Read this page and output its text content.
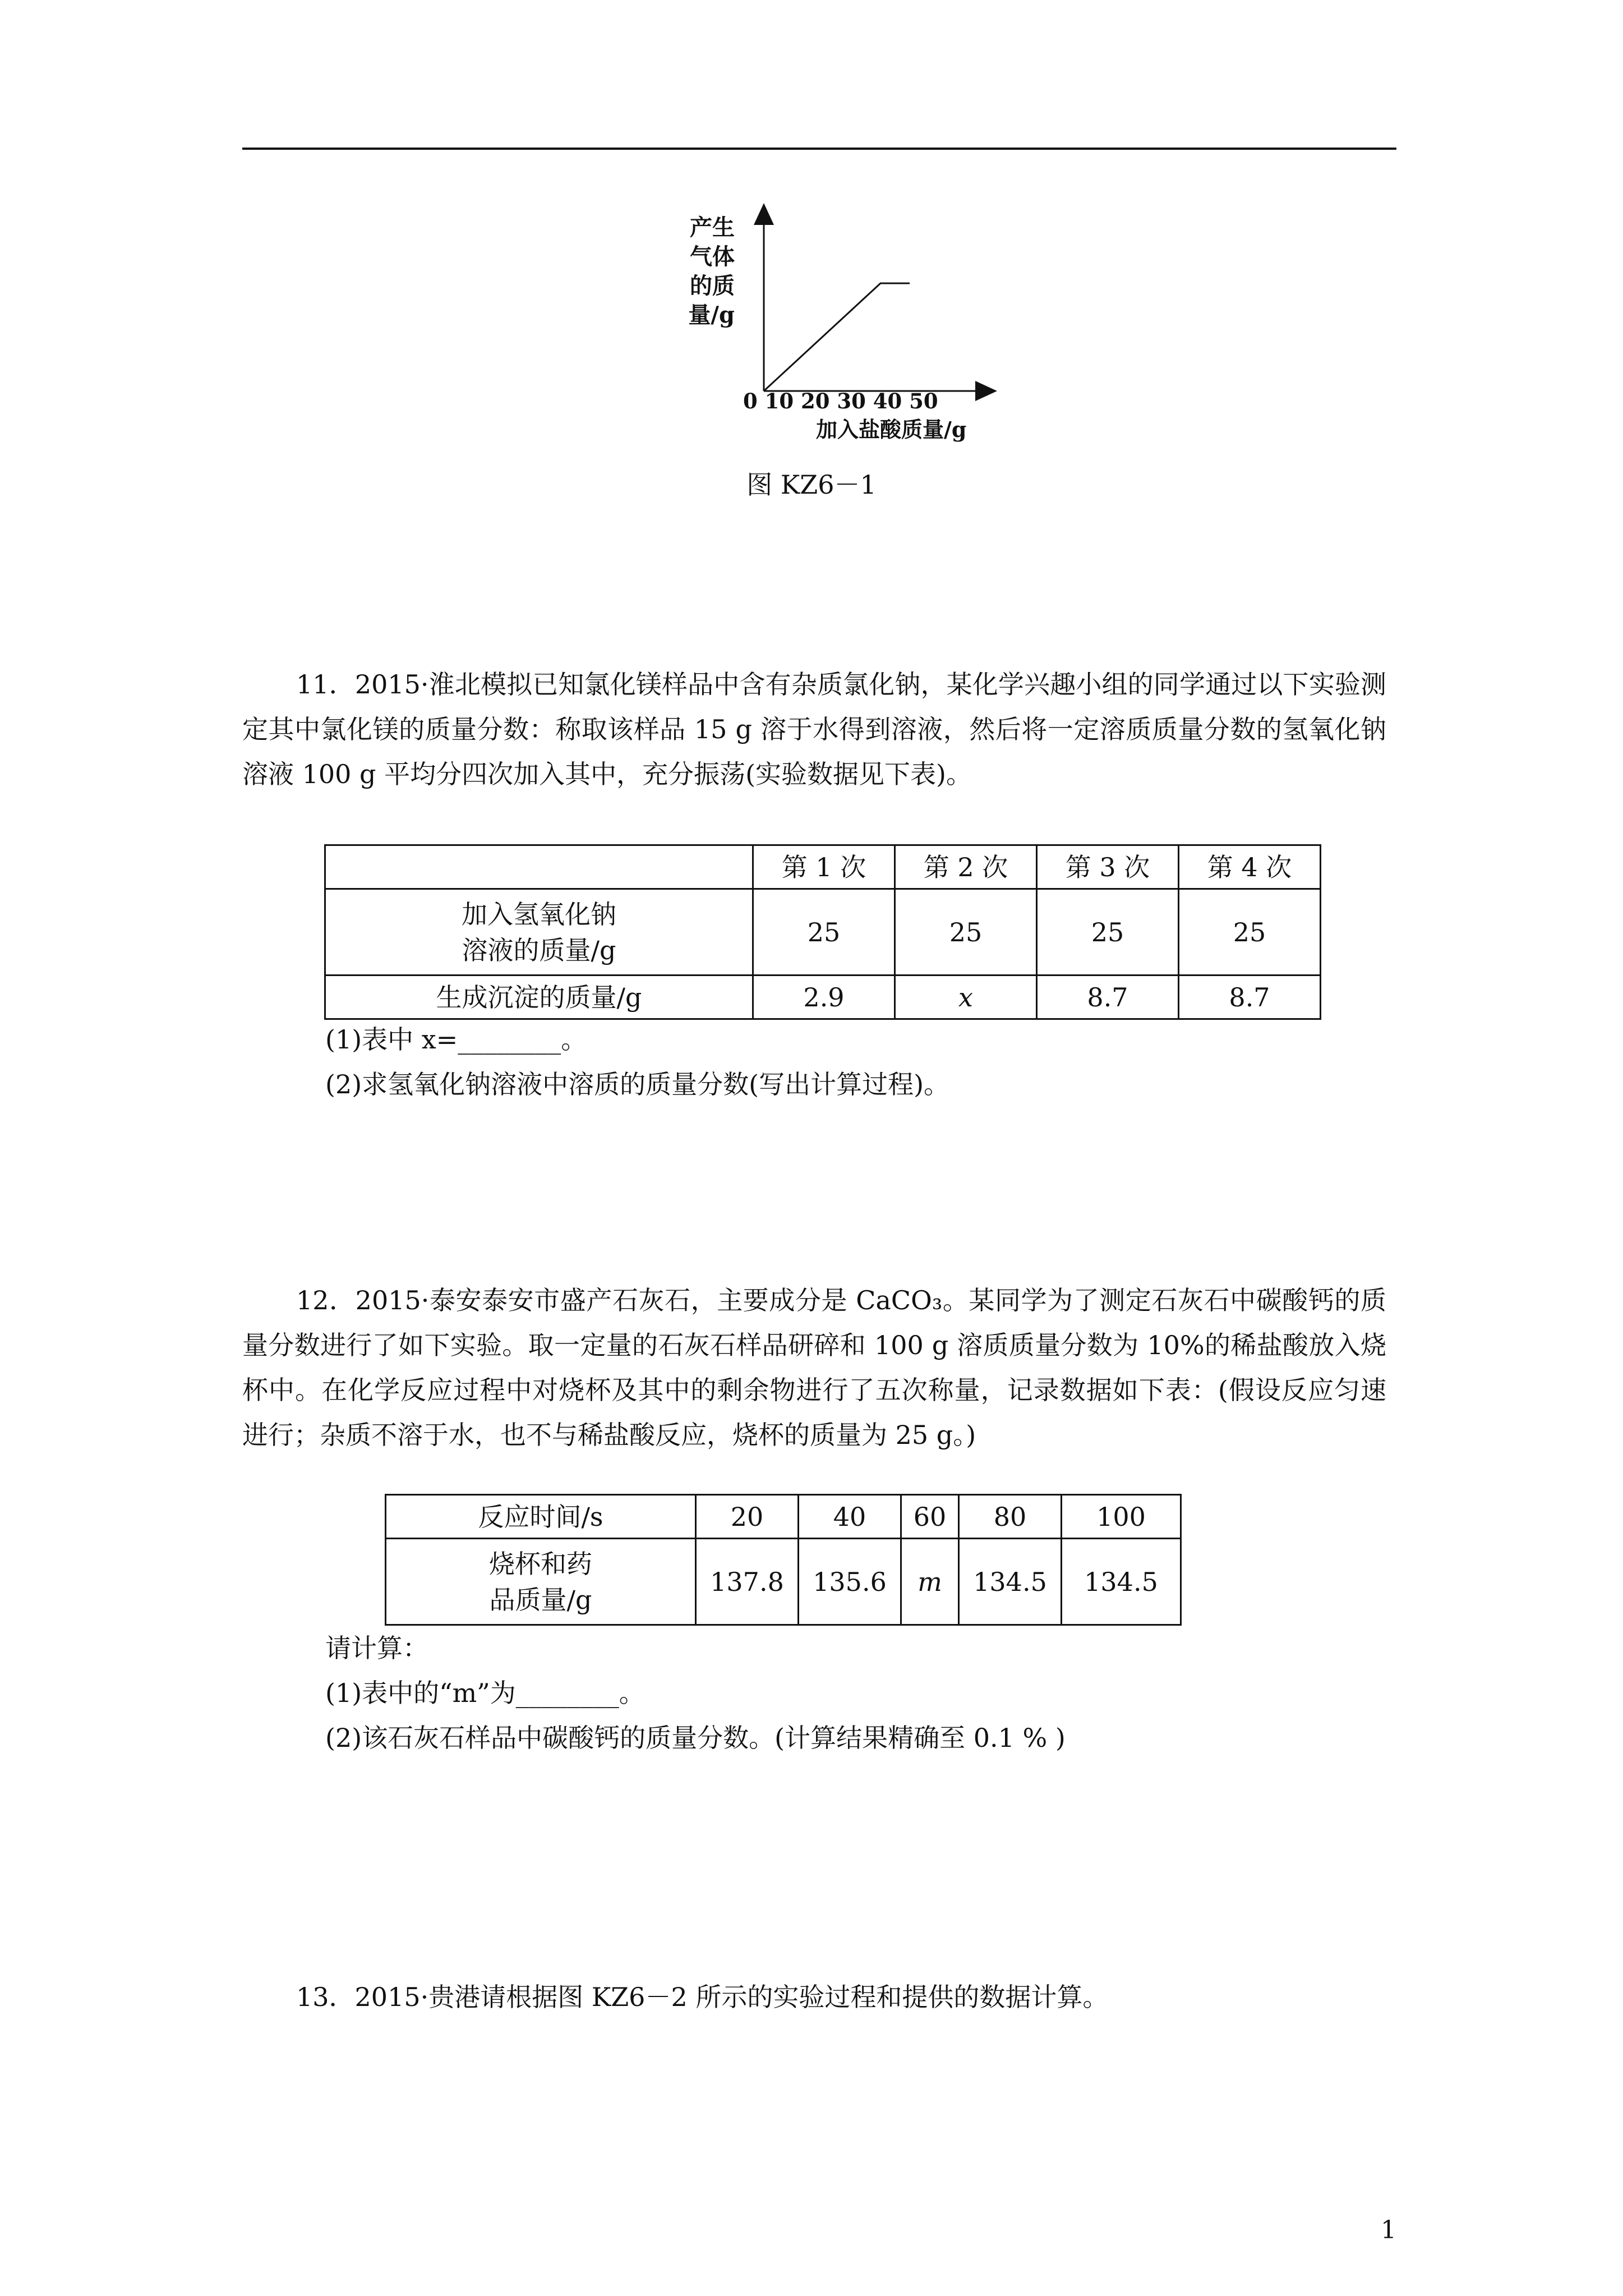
产生
气体
的质
量/g
0 10 20 30 40 50
加入盐酸质量/g
图 KZ6－1
11．2015·淮北模拟已知氯化镁样品中含有杂质氯化钠，某化学兴趣小组的同学通过以下实验测定其中氯化镁的质量分数：称取该样品 15 g 溶于水得到溶液，然后将一定溶质质量分数的氢氧化钠溶液 100 g 平均分四次加入其中，充分振荡(实验数据见下表)。
	第 1 次	第 2 次	第 3 次	第 4 次
加入氢氧化钠
溶液的质量/g	25	25	25	25
生成沉淀的质量/g	2.9	x	8.7	8.7
(1)表中 x=________。
(2)求氢氧化钠溶液中溶质的质量分数(写出计算过程)。
12．2015·泰安泰安市盛产石灰石，主要成分是 CaCO₃。某同学为了测定石灰石中碳酸钙的质量分数进行了如下实验。取一定量的石灰石样品研碎和 100 g 溶质质量分数为 10%的稀盐酸放入烧杯中。在化学反应过程中对烧杯及其中的剩余物进行了五次称量，记录数据如下表：(假设反应匀速进行；杂质不溶于水，也不与稀盐酸反应，烧杯的质量为 25 g。)
反应时间/s	20	40	60	80	100
烧杯和药
品质量/g	137.8	135.6	m	134.5	134.5
请计算：
(1)表中的“m”为________。
(2)该石灰石样品中碳酸钙的质量分数。(计算结果精确至 0.1 % )
13．2015·贵港请根据图 KZ6－2 所示的实验过程和提供的数据计算。
1
